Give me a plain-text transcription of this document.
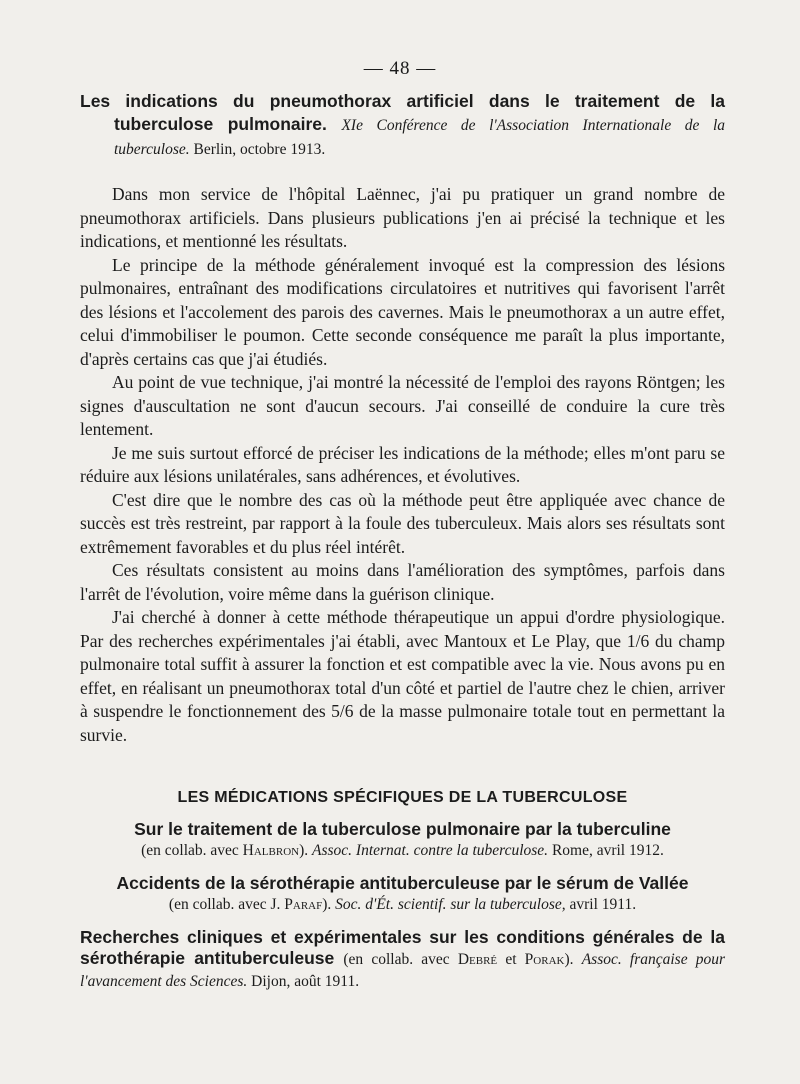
— 48 —

Les indications du pneumothorax artificiel dans le traitement de la tuberculose pulmonaire. XIe Conférence de l'Association Internationale de la tuberculose. Berlin, octobre 1913.

Dans mon service de l'hôpital Laënnec, j'ai pu pratiquer un grand nombre de pneumothorax artificiels. Dans plusieurs publications j'en ai précisé la technique et les indications, et mentionné les résultats.

Le principe de la méthode généralement invoqué est la compression des lésions pulmonaires, entraînant des modifications circulatoires et nutritives qui favorisent l'arrêt des lésions et l'accolement des parois des cavernes. Mais le pneumothorax a un autre effet, celui d'immobiliser le poumon. Cette seconde conséquence me paraît la plus importante, d'après certains cas que j'ai étudiés.

Au point de vue technique, j'ai montré la nécessité de l'emploi des rayons Röntgen; les signes d'auscultation ne sont d'aucun secours. J'ai conseillé de conduire la cure très lentement.

Je me suis surtout efforcé de préciser les indications de la méthode; elles m'ont paru se réduire aux lésions unilatérales, sans adhérences, et évolutives.

C'est dire que le nombre des cas où la méthode peut être appliquée avec chance de succès est très restreint, par rapport à la foule des tuberculeux. Mais alors ses résultats sont extrêmement favorables et du plus réel intérêt.

Ces résultats consistent au moins dans l'amélioration des symptômes, parfois dans l'arrêt de l'évolution, voire même dans la guérison clinique.

J'ai cherché à donner à cette méthode thérapeutique un appui d'ordre physiologique. Par des recherches expérimentales j'ai établi, avec Mantoux et Le Play, que 1/6 du champ pulmonaire total suffit à assurer la fonction et est compatible avec la vie. Nous avons pu en effet, en réalisant un pneumothorax total d'un côté et partiel de l'autre chez le chien, arriver à suspendre le fonctionnement des 5/6 de la masse pulmonaire totale tout en permettant la survie.

LES MÉDICATIONS SPÉCIFIQUES DE LA TUBERCULOSE
Sur le traitement de la tuberculose pulmonaire par la tuberculine
(en collab. avec Halbron). Assoc. Internat. contre la tuberculose. Rome, avril 1912.
Accidents de la sérothérapie antituberculeuse par le sérum de Vallée
(en collab. avec J. Paraf). Soc. d'Ét. scientif. sur la tuberculose, avril 1911.
Recherches cliniques et expérimentales sur les conditions générales de la sérothérapie antituberculeuse (en collab. avec Debré et Porak). Assoc. française pour l'avancement des Sciences. Dijon, août 1911.
